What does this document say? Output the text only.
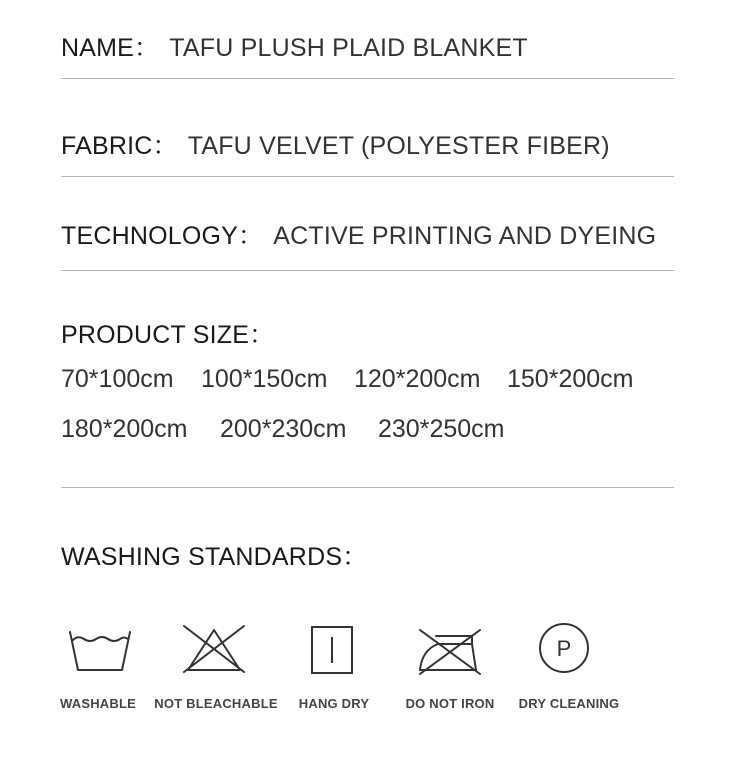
NAME： TAFU PLUSH PLAID BLANKET
FABRIC： TAFU VELVET (POLYESTER FIBER)
TECHNOLOGY： ACTIVE PRINTING AND DYEING
PRODUCT SIZE：
70*100cm 100*150cm 120*200cm 150*200cm
180*200cm 200*230cm 230*250cm
WASHING STANDARDS：
P
WASHABLE NOT BLEACHABLE HANG DRY	DO NOT IRON DRY CLEANING
